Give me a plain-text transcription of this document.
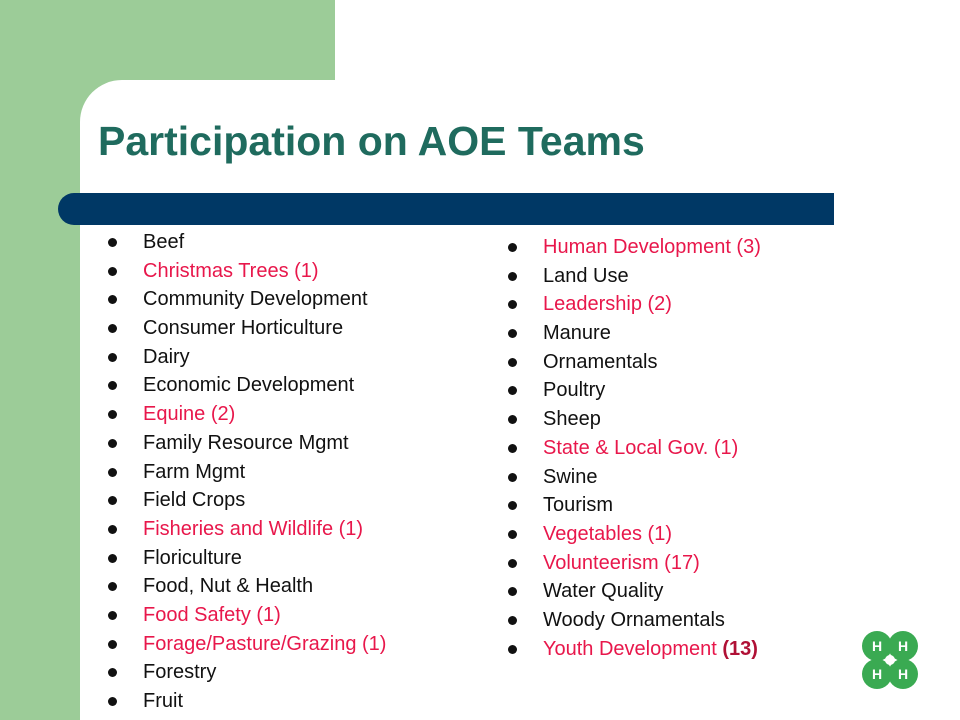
Participation on AOE Teams
Beef
Christmas Trees (1)
Community Development
Consumer Horticulture
Dairy
Economic Development
Equine (2)
Family Resource Mgmt
Farm Mgmt
Field Crops
Fisheries and Wildlife (1)
Floriculture
Food, Nut & Health
Food Safety (1)
Forage/Pasture/Grazing (1)
Forestry
Fruit
Human Development (3)
Land Use
Leadership (2)
Manure
Ornamentals
Poultry
Sheep
State & Local Gov. (1)
Swine
Tourism
Vegetables (1)
Volunteerism (17)
Water Quality
Woody Ornamentals
Youth Development (13)	H H
H H
